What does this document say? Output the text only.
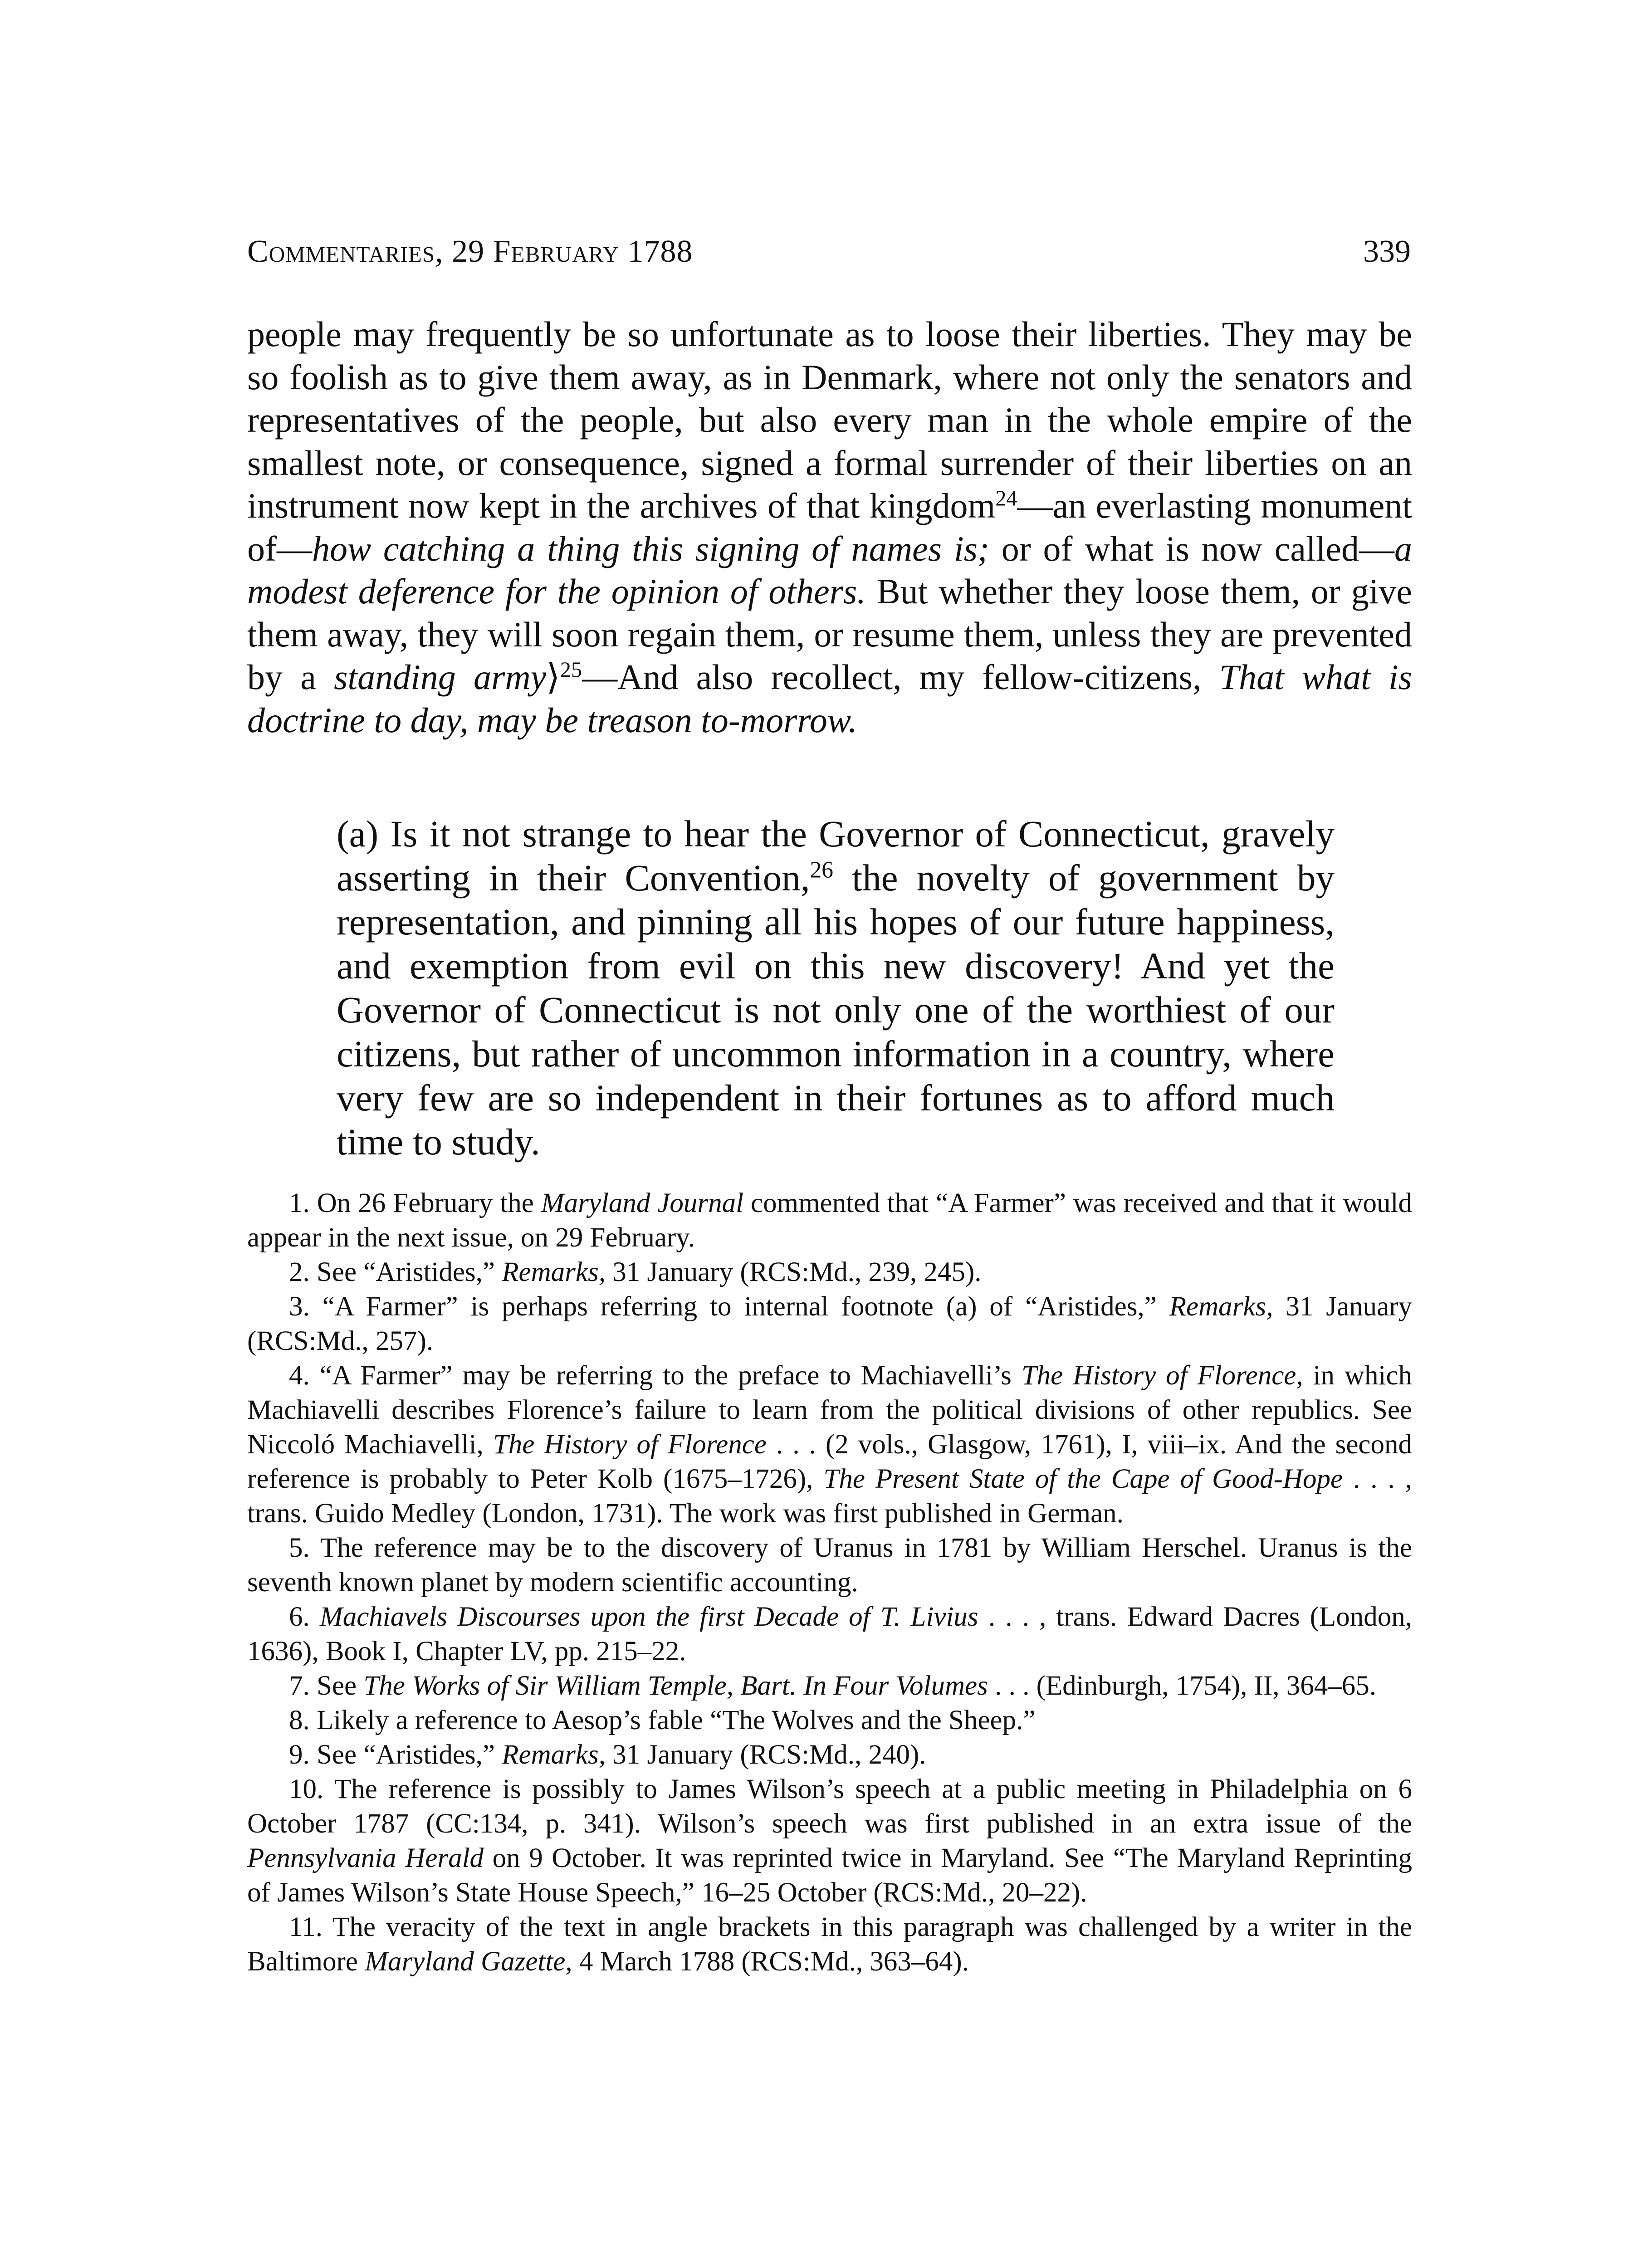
Commentaries, 29 February 1788	339

people may frequently be so unfortunate as to loose their liberties. They may be so foolish as to give them away, as in Denmark, where not only the senators and representatives of the people, but also every man in the whole empire of the smallest note, or consequence, signed a formal surrender of their liberties on an instrument now kept in the archives of that kingdom$^{24}$—an everlasting monument of—how catching a thing this signing of names is; or of what is now called—a modest deference for the opinion of others. But whether they loose them, or give them away, they will soon regain them, or resume them, unless they are prevented by a standing army⟩$^{25}$—And also recollect, my fellow-citizens, That what is doctrine to day, may be treason to-morrow.

(a) Is it not strange to hear the Governor of Connecticut, gravely asserting in their Convention,$^{26}$ the novelty of government by representation, and pinning all his hopes of our future happiness, and exemption from evil on this new discovery! And yet the Governor of Connecticut is not only one of the worthiest of our citizens, but rather of uncommon information in a country, where very few are so independent in their fortunes as to afford much time to study.

1. On 26 February the Maryland Journal commented that “A Farmer” was received and that it would appear in the next issue, on 29 February.

2. See “Aristides,” Remarks, 31 January (RCS:Md., 239, 245).

3. “A Farmer” is perhaps referring to internal footnote (a) of “Aristides,” Remarks, 31 January (RCS:Md., 257).

4. “A Farmer” may be referring to the preface to Machiavelli’s The History of Florence, in which Machiavelli describes Florence’s failure to learn from the political divisions of other republics. See Niccoló Machiavelli, The History of Florence . . . (2 vols., Glasgow, 1761), I, viii–ix. And the second reference is probably to Peter Kolb (1675–1726), The Present State of the Cape of Good-Hope . . . , trans. Guido Medley (London, 1731). The work was first published in German.

5. The reference may be to the discovery of Uranus in 1781 by William Herschel. Uranus is the seventh known planet by modern scientific accounting.

6. Machiavels Discourses upon the first Decade of T. Livius . . . , trans. Edward Dacres (London, 1636), Book I, Chapter LV, pp. 215–22.

7. See The Works of Sir William Temple, Bart. In Four Volumes . . . (Edinburgh, 1754), II, 364–65.

8. Likely a reference to Aesop’s fable “The Wolves and the Sheep.”

9. See “Aristides,” Remarks, 31 January (RCS:Md., 240).

10. The reference is possibly to James Wilson’s speech at a public meeting in Philadelphia on 6 October 1787 (CC:134, p. 341). Wilson’s speech was first published in an extra issue of the Pennsylvania Herald on 9 October. It was reprinted twice in Maryland. See “The Maryland Reprinting of James Wilson’s State House Speech,” 16–25 October (RCS:Md., 20–22).

11. The veracity of the text in angle brackets in this paragraph was challenged by a writer in the Baltimore Maryland Gazette, 4 March 1788 (RCS:Md., 363–64).
